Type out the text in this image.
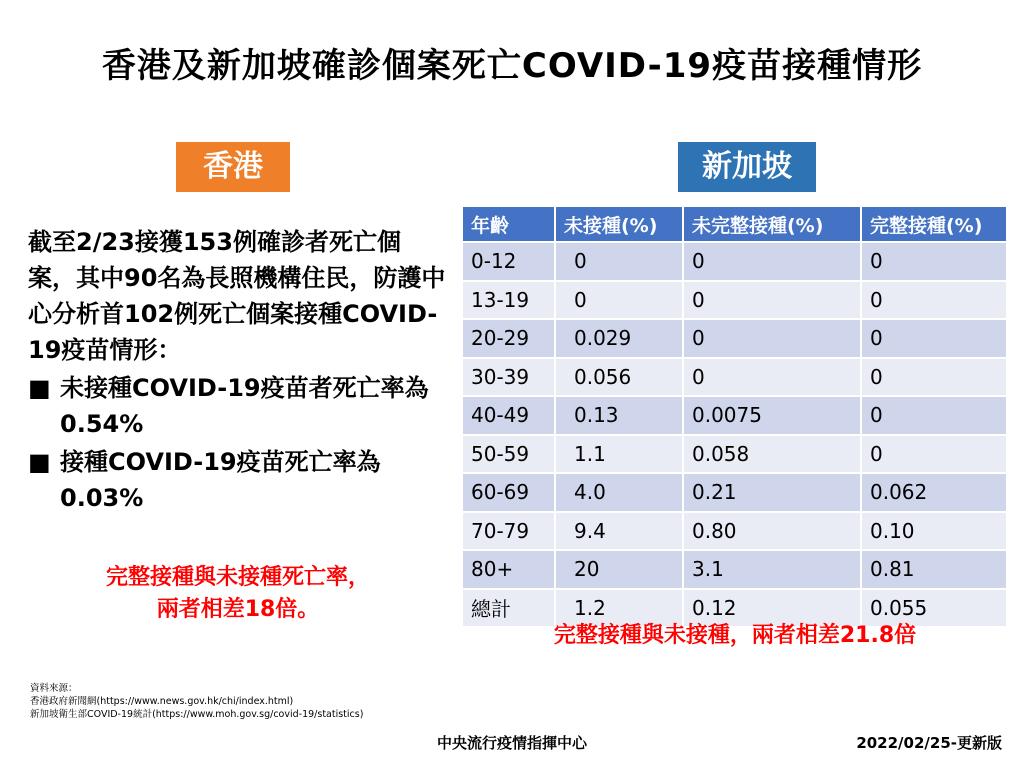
香港及新加坡確診個案死亡COVID-19疫苗接種情形
香港	新加坡
截至2/23接獲153例確診者死亡個案，其中90名為長照機構住民，防護中心分析首102例死亡個案接種COVID-19疫苗情形：
■ 未接種COVID-19疫苗者死亡率為0.54%
■ 接種COVID-19疫苗死亡率為0.03%
完整接種與未接種死亡率，
兩者相差18倍。
年齡	未接種(%)	未完整接種(%)	完整接種(%)
0-12	0	0	0
13-19	0	0	0
20-29	0.029	0	0
30-39	0.056	0	0
40-49	0.13	0.0075	0
50-59	1.1	0.058	0
60-69	4.0	0.21	0.062
70-79	9.4	0.80	0.10
80+	20	3.1	0.81
總計	1.2	0.12	0.055
完整接種與未接種，兩者相差21.8倍
資料來源：
香港政府新聞網(https://www.news.gov.hk/chi/index.html)
新加坡衛生部COVID-19統計(https://www.moh.gov.sg/covid-19/statistics)
中央流行疫情指揮中心	2022/02/25-更新版
